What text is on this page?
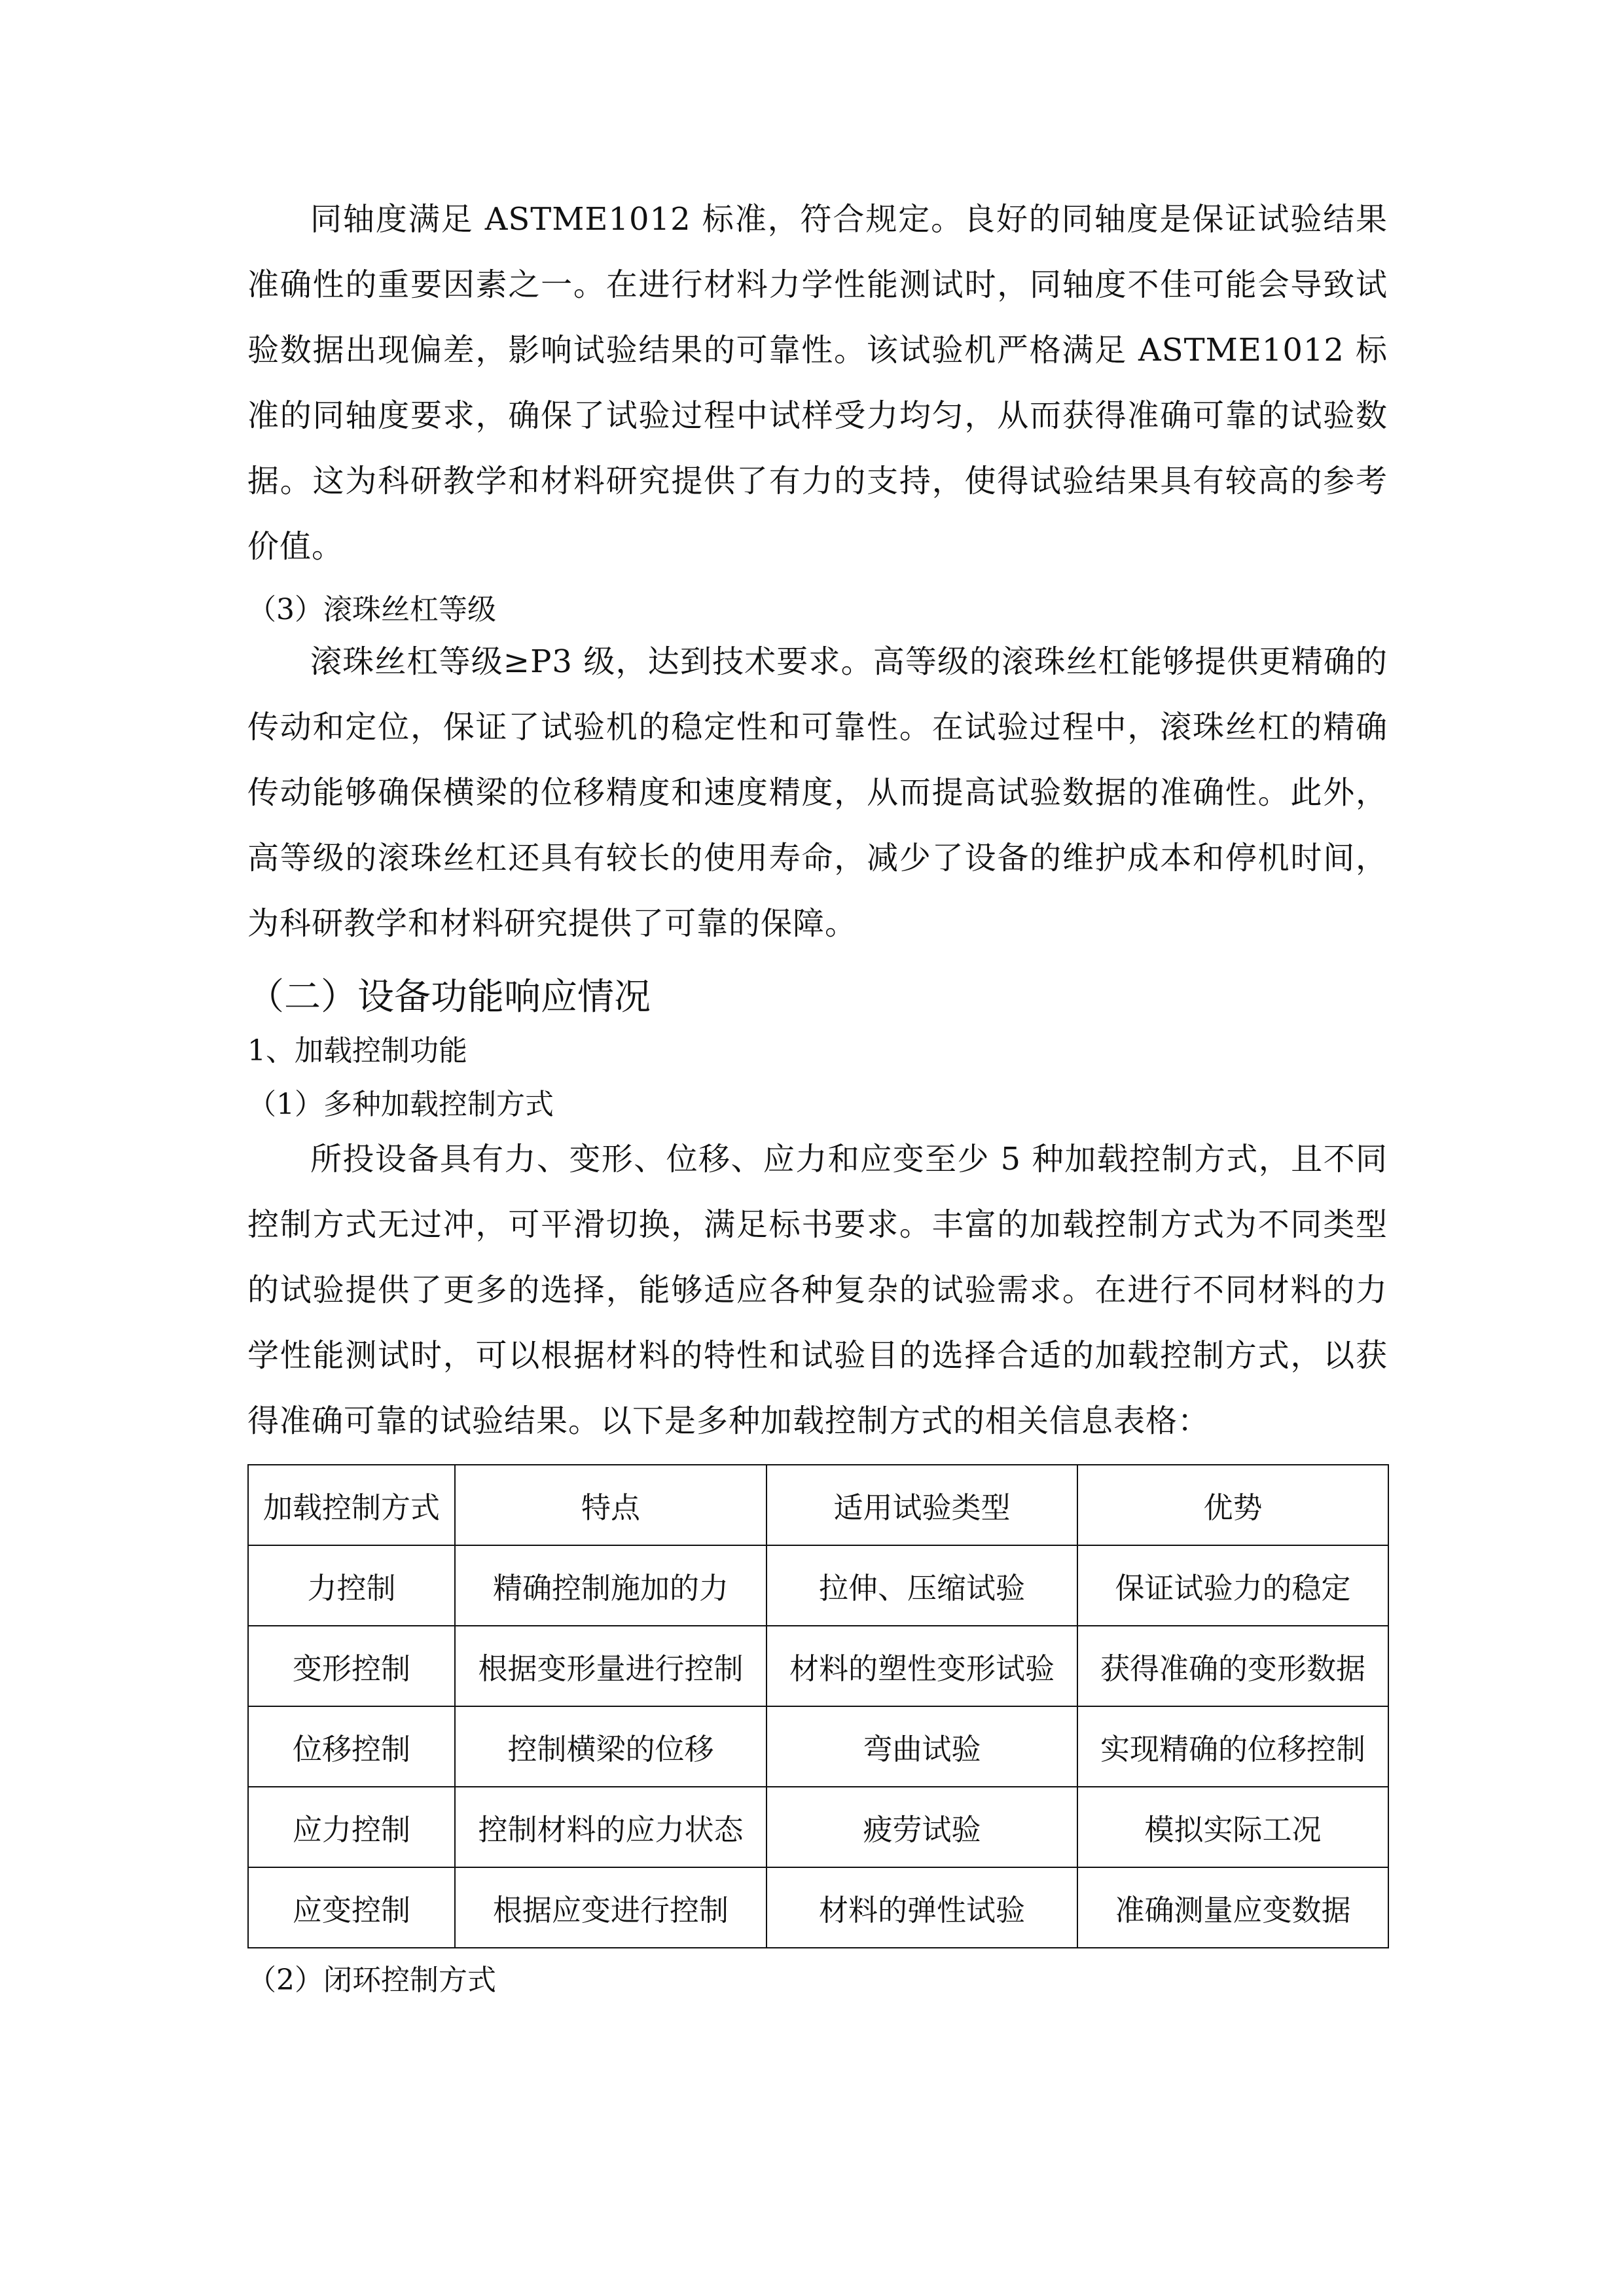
同轴度满足 ASTME1012 标准，符合规定。良好的同轴度是保证试验结果准确性的重要因素之一。在进行材料力学性能测试时，同轴度不佳可能会导致试验数据出现偏差，影响试验结果的可靠性。该试验机严格满足 ASTME1012 标准的同轴度要求，确保了试验过程中试样受力均匀，从而获得准确可靠的试验数据。这为科研教学和材料研究提供了有力的支持，使得试验结果具有较高的参考价值。

（3）滚珠丝杠等级

滚珠丝杠等级≥P3 级，达到技术要求。高等级的滚珠丝杠能够提供更精确的传动和定位，保证了试验机的稳定性和可靠性。在试验过程中，滚珠丝杠的精确传动能够确保横梁的位移精度和速度精度，从而提高试验数据的准确性。此外，高等级的滚珠丝杠还具有较长的使用寿命，减少了设备的维护成本和停机时间，为科研教学和材料研究提供了可靠的保障。

（二）设备功能响应情况

1、加载控制功能

（1）多种加载控制方式

所投设备具有力、变形、位移、应力和应变至少 5 种加载控制方式，且不同控制方式无过冲，可平滑切换，满足标书要求。丰富的加载控制方式为不同类型的试验提供了更多的选择，能够适应各种复杂的试验需求。在进行不同材料的力学性能测试时，可以根据材料的特性和试验目的选择合适的加载控制方式，以获得准确可靠的试验结果。以下是多种加载控制方式的相关信息表格：

加载控制方式	特点	适用试验类型	优势
力控制	精确控制施加的力	拉伸、压缩试验	保证试验力的稳定
变形控制	根据变形量进行控制	材料的塑性变形试验	获得准确的变形数据
位移控制	控制横梁的位移	弯曲试验	实现精确的位移控制
应力控制	控制材料的应力状态	疲劳试验	模拟实际工况
应变控制	根据应变进行控制	材料的弹性试验	准确测量应变数据

（2）闭环控制方式
